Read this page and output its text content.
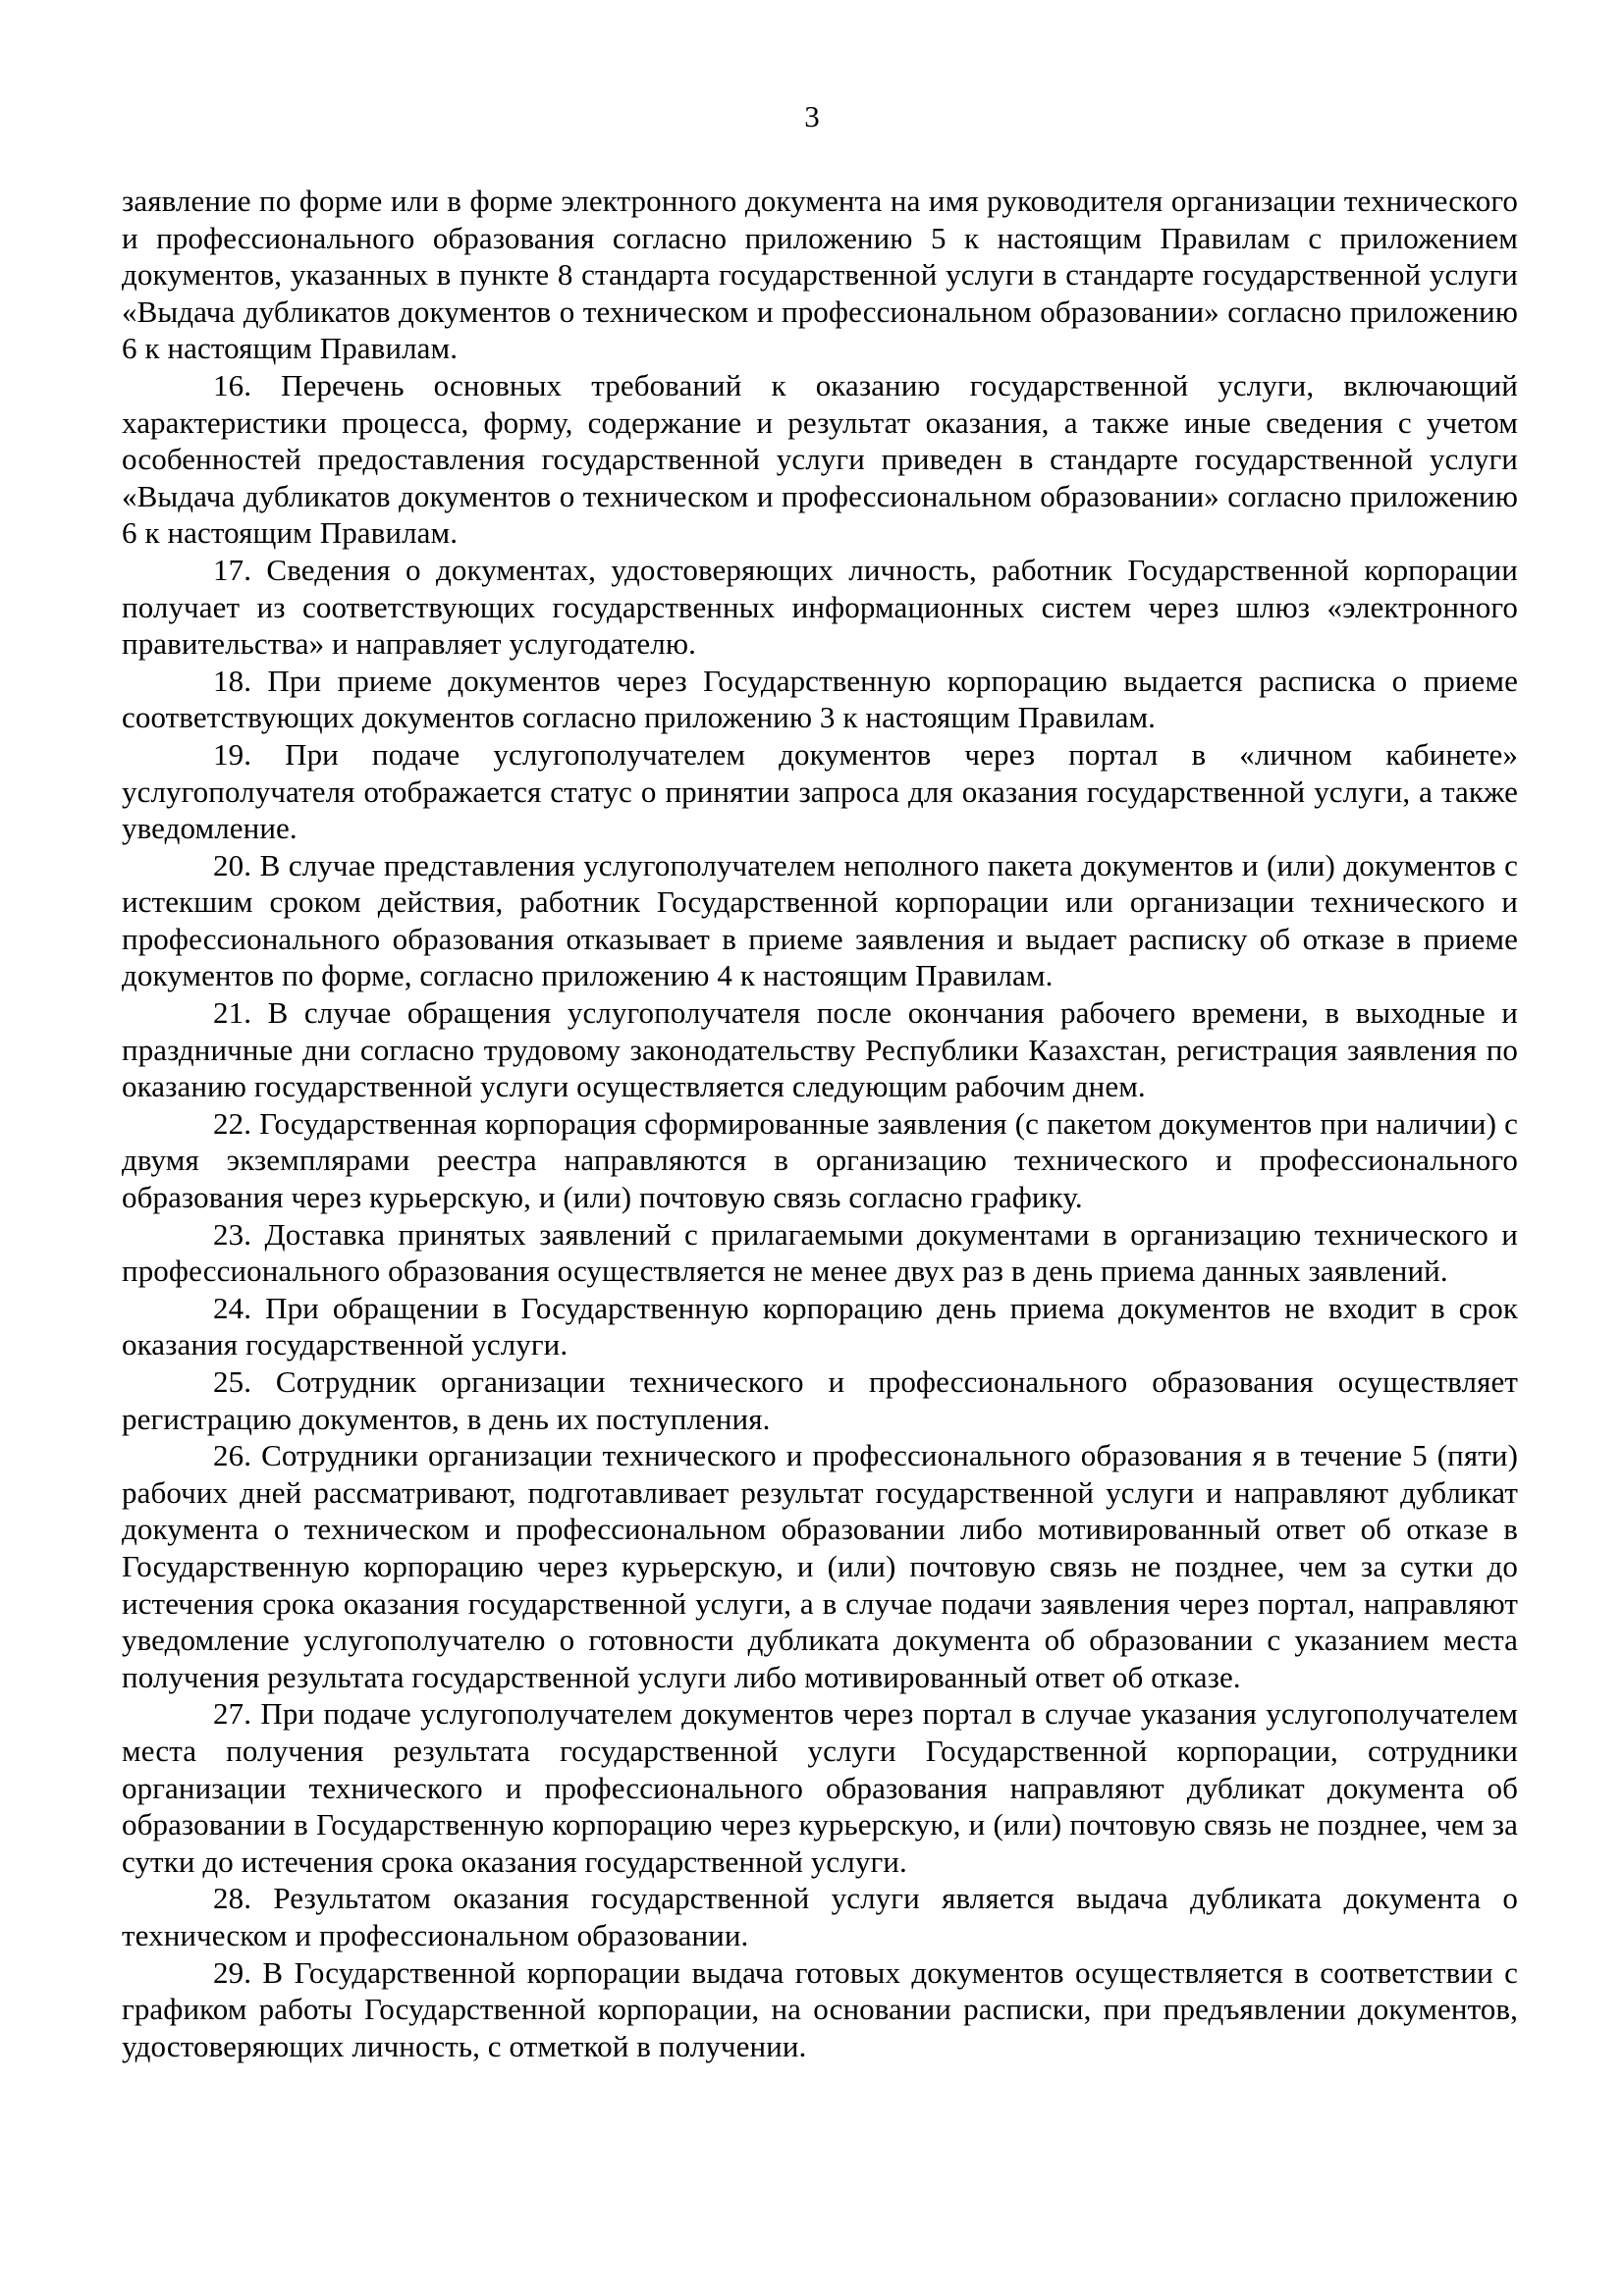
3

заявление по форме или в форме электронного документа на имя руководителя организации технического и профессионального образования согласно приложению 5 к настоящим Правилам с приложением документов, указанных в пункте 8 стандарта государственной услуги в стандарте государственной услуги «Выдача дубликатов документов о техническом и профессиональном образовании» согласно приложению 6 к настоящим Правилам.

16. Перечень основных требований к оказанию государственной услуги, включающий характеристики процесса, форму, содержание и результат оказания, а также иные сведения с учетом особенностей предоставления государственной услуги приведен в стандарте государственной услуги «Выдача дубликатов документов о техническом и профессиональном образовании» согласно приложению 6 к настоящим Правилам.

17. Сведения о документах, удостоверяющих личность, работник Государственной корпорации получает из соответствующих государственных информационных систем через шлюз «электронного правительства» и направляет услугодателю.

18. При приеме документов через Государственную корпорацию выдается расписка о приеме соответствующих документов согласно приложению 3 к настоящим Правилам.

19. При подаче услугополучателем документов через портал в «личном кабинете» услугополучателя отображается статус о принятии запроса для оказания государственной услуги, а также уведомление.

20. В случае представления услугополучателем неполного пакета документов и (или) документов с истекшим сроком действия, работник Государственной корпорации или организации технического и профессионального образования отказывает в приеме заявления и выдает расписку об отказе в приеме документов по форме, согласно приложению 4 к настоящим Правилам.

21. В случае обращения услугополучателя после окончания рабочего времени, в выходные и праздничные дни согласно трудовому законодательству Республики Казахстан, регистрация заявления по оказанию государственной услуги осуществляется следующим рабочим днем.

22. Государственная корпорация сформированные заявления (с пакетом документов при наличии) с двумя экземплярами реестра направляются в организацию технического и профессионального образования через курьерскую, и (или) почтовую связь согласно графику.

23. Доставка принятых заявлений с прилагаемыми документами в организацию технического и профессионального образования осуществляется не менее двух раз в день приема данных заявлений.

24. При обращении в Государственную корпорацию день приема документов не входит в срок оказания государственной услуги.

25. Сотрудник организации технического и профессионального образования осуществляет регистрацию документов, в день их поступления.

26. Сотрудники организации технического и профессионального образования я в течение 5 (пяти) рабочих дней рассматривают, подготавливает результат государственной услуги и направляют дубликат документа о техническом и профессиональном образовании либо мотивированный ответ об отказе в Государственную корпорацию через курьерскую, и (или) почтовую связь не позднее, чем за сутки до истечения срока оказания государственной услуги, а в случае подачи заявления через портал, направляют уведомление услугополучателю о готовности дубликата документа об образовании с указанием места получения результата государственной услуги либо мотивированный ответ об отказе.

27. При подаче услугополучателем документов через портал в случае указания услугополучателем места получения результата государственной услуги Государственной корпорации, сотрудники организации технического и профессионального образования направляют дубликат документа об образовании в Государственную корпорацию через курьерскую, и (или) почтовую связь не позднее, чем за сутки до истечения срока оказания государственной услуги.

28. Результатом оказания государственной услуги является выдача дубликата документа о техническом и профессиональном образовании.

29. В Государственной корпорации выдача готовых документов осуществляется в соответствии с графиком работы Государственной корпорации, на основании расписки, при предъявлении документов, удостоверяющих личность, с отметкой в получении.
